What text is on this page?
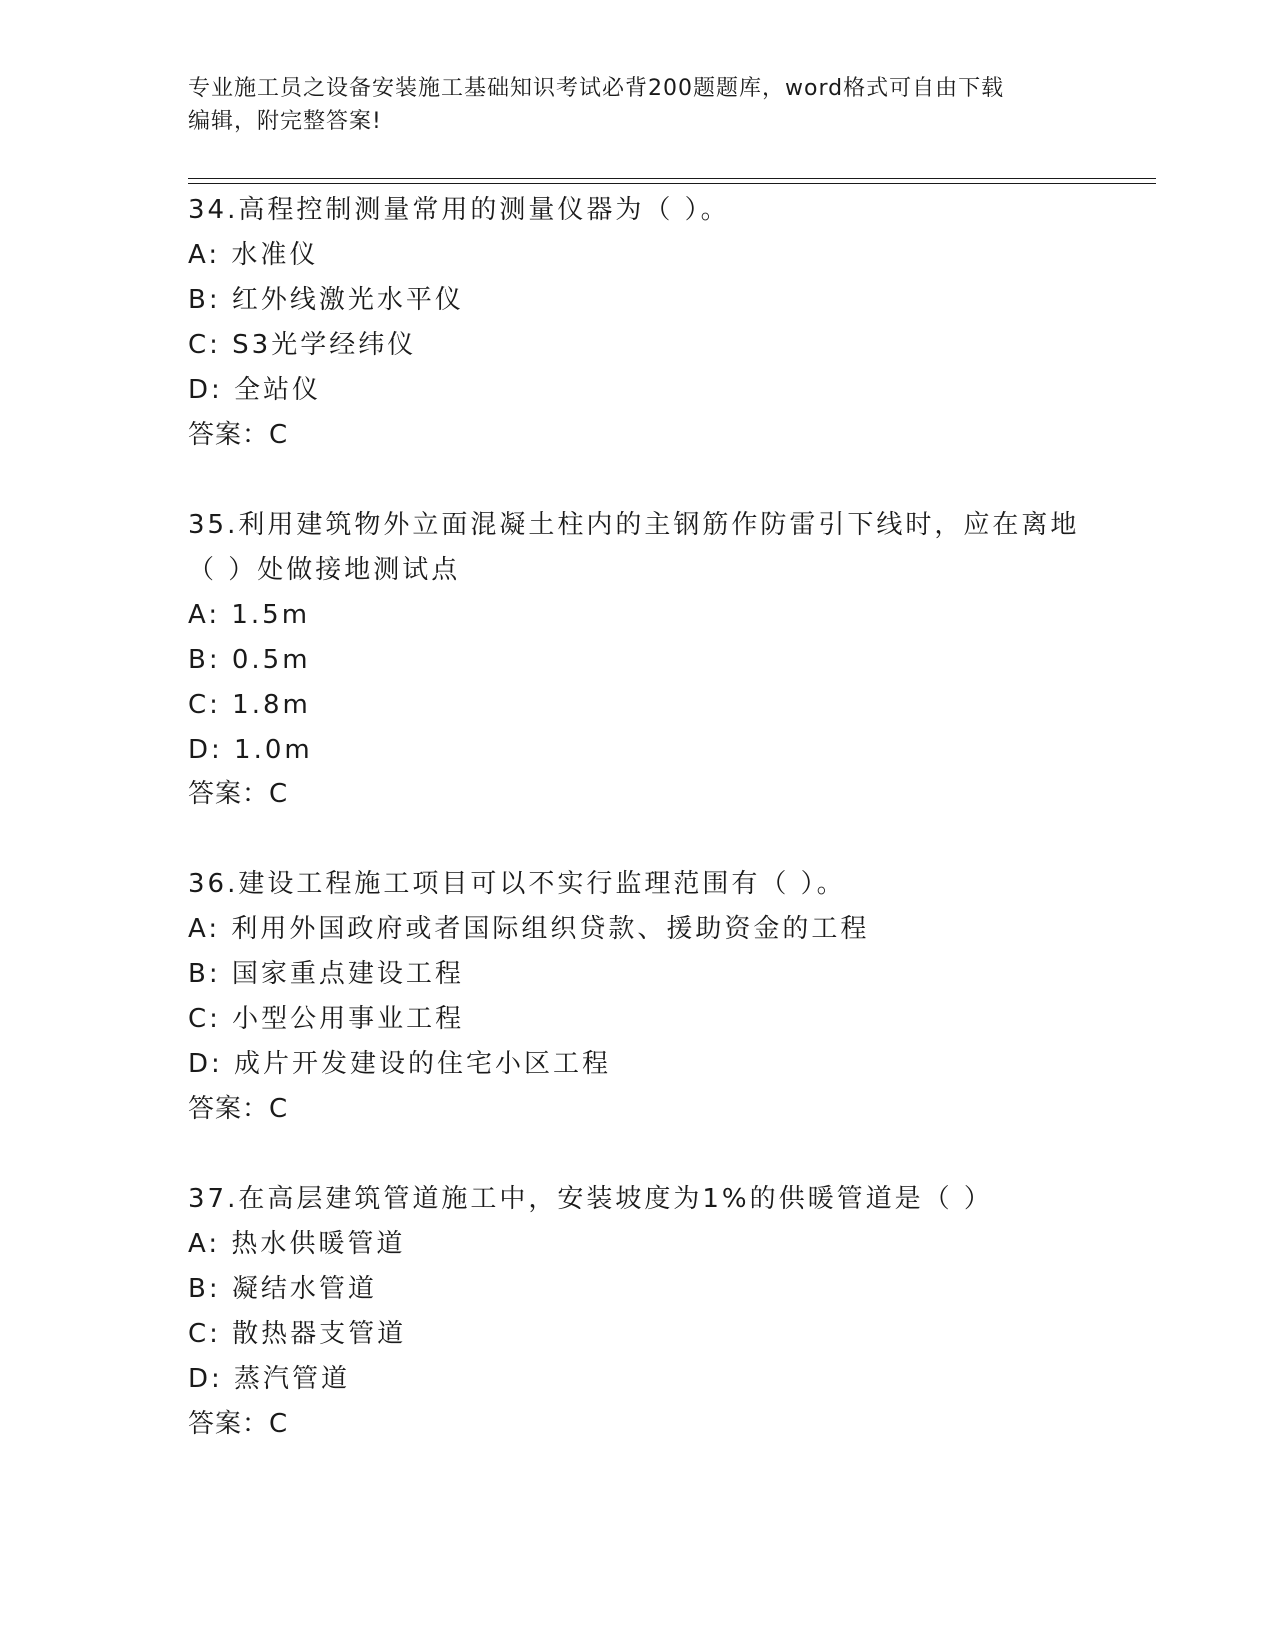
专业施工员之设备安装施工基础知识考试必背200题题库，word格式可自由下载
编辑，附完整答案!
34.高程控制测量常用的测量仪器为（ ）。
A: 水准仪
B: 红外线激光水平仪
C: S3光学经纬仪
D: 全站仪
答案：C
35.利用建筑物外立面混凝土柱内的主钢筋作防雷引下线时，应在离地
（ ）处做接地测试点
A: 1.5m
B: 0.5m
C: 1.8m
D: 1.0m
答案：C
36.建设工程施工项目可以不实行监理范围有（ ）。
A: 利用外国政府或者国际组织贷款、援助资金的工程
B: 国家重点建设工程
C: 小型公用事业工程
D: 成片开发建设的住宅小区工程
答案：C
37.在高层建筑管道施工中，安装坡度为1%的供暖管道是（ ）
A: 热水供暖管道
B: 凝结水管道
C: 散热器支管道
D: 蒸汽管道
答案：C
